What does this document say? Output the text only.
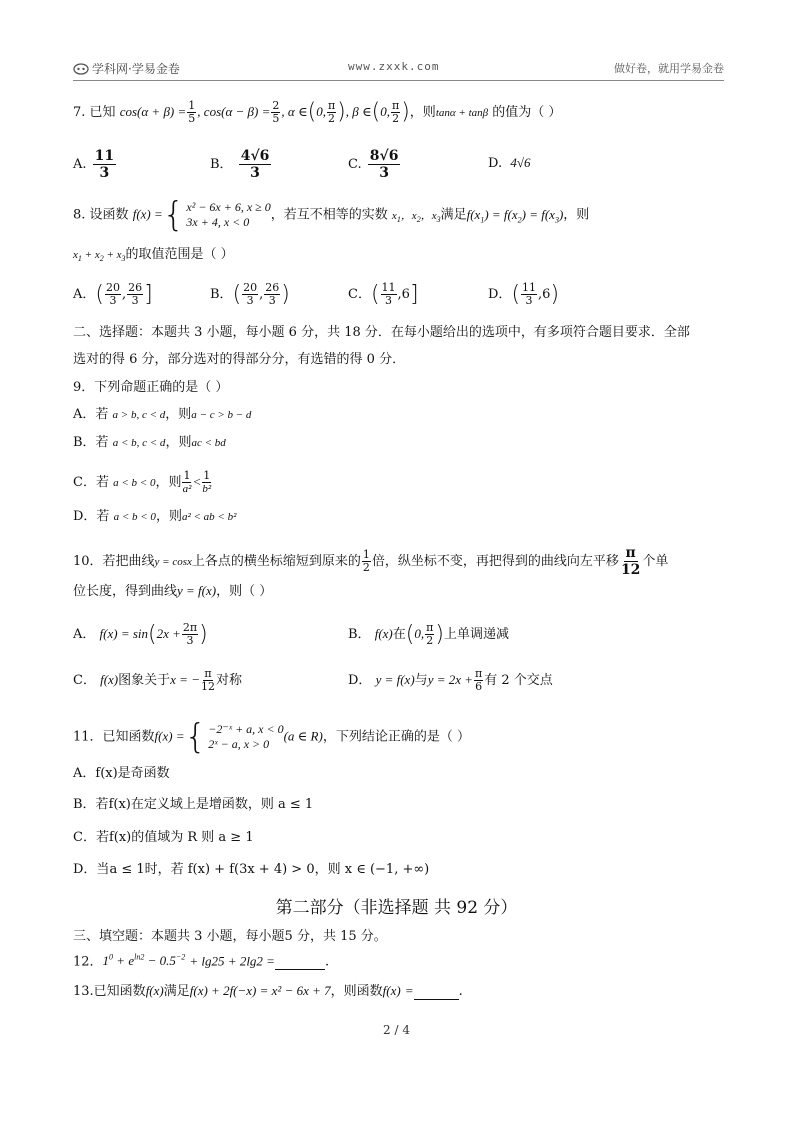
学科网·学易金卷	www.zxxk.com	做好卷，就用学易金卷
7. 已知 $\cos(\alpha + \beta) = \frac{1}{5}$ , $\cos(\alpha - \beta) = \frac{2}{5}$ , α ∈(0, $\frac{\pi}{2}$ ), β ∈(0, $\frac{\pi}{2}$ )，则tanα + tanβ 的值为（ ）
A. $\frac{11}{3}$	B． $\frac{4√6}{3}$	C. $\frac{8√6}{3}$	D. 4√6
8. 设函数 f(x) = { x² − 6x + 6, x ≥ 0
3x + 4, x < 0	，若互不相等的实数 $x_1$，$x_2$，$x_3$满足$f(x_1) = f(x_2) = f(x_3)$，则
$x_1 + x_2 + x_3$的取值范围是（ ）
A．( $\frac{20}{3}$ , $\frac{26}{3}$ ]	B．( $\frac{20}{3}$ , $\frac{26}{3}$ )	C．( $\frac{11}{3} ,6$]	D．( $\frac{11}{3} ,6$)
二、选择题：本题共 3 小题，每小题 6 分，共 18 分．在每小题给出的选项中，有多项符合题目要求．全部
选对的得 6 分，部分选对的得部分分，有选错的得 0 分．
9．下列命题正确的是（ ）
A．若 a > b, c < d，则a − c > b − d
B．若 a < b, c < d，则ac < bd
C．若 a < b < 0，则 $\frac{1}{\text{a²}} < \frac{1}{\text{b²}}$
D．若 a < b < 0，则a² < ab < b²
10．若把曲线y = cosx上各点的横坐标缩短到原来的 $\frac{1}{2}$ 倍，纵坐标不变，再把得到的曲线向左平移 $\frac{\pi}{12}$ 个单
位长度，得到曲线y = f(x)，则（ ）
A． $f(x) = \sin(2x + \frac{2\pi}{3}$ )	B． f(x)在(0, $\frac{\pi}{2}$ )上单调递减
C． f(x)图象关于x = − $\frac{\pi}{12}$ 对称	D． y = f(x)与$y = 2x + \frac{\pi}{6}$ 有 2 个交点
11．已知函数f(x) = { −2⁻ˣ + a, x < 0
2ˣ − a, x > 0
(a ∈ R)，下列结论正确的是（ ）
A．f(x)是奇函数
B．若f(x)在定义域上是增函数，则 a ≤ 1
C．若f(x)的值域为 R 则 a ≥ 1
D．当a ≤ 1时，若 f(x) + f(3x + 4) > 0，则 x ∈ (−1, +∞)
第二部分（非选择题 共 92 分）
三、填空题：本题共 3 小题，每小题5 分，共 15 分。
12．$1^0 + e^{ln2} - 0.5^{-2} + \lg 25 + 2\lg 2$ =	.
13.已知函数f(x)满足f(x) + 2f(−x) = x² − 6x + 7，则函数f(x) =	.
2 / 4
